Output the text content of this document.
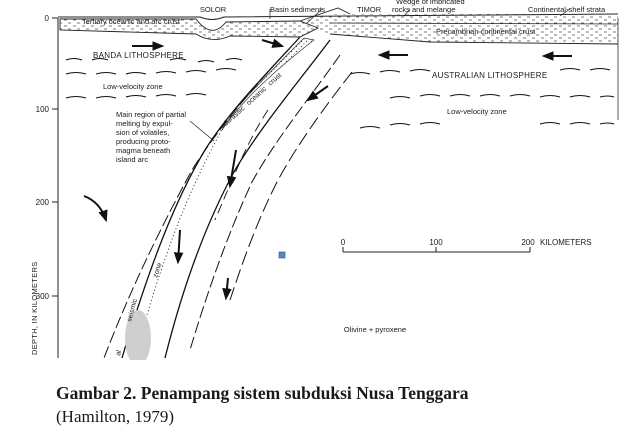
0
100
200
300
DEPTH, IN KILOMETERS
0	100	200 KILOMETERS
SOLOR	Basin sediments	TIMOR
Wedge of imbricated
rocks and melange	Continental-shelf strata
Tertiary oceanic and arc crust
Precambrian continental crust
BANDA LITHOSPHERE
AUSTRALIAN LITHOSPHERE
Low-velocity zone
Low-velocity zone
Jurassic oceanic crust
Olivine + pyroxene
Main region of partial
melting by expul-
sion of volatiles,
producing proto-
magma beneath
island arc
seismic
zone
al
Gambar 2. Penampang sistem subduksi Nusa Tenggara
(Hamilton, 1979)
